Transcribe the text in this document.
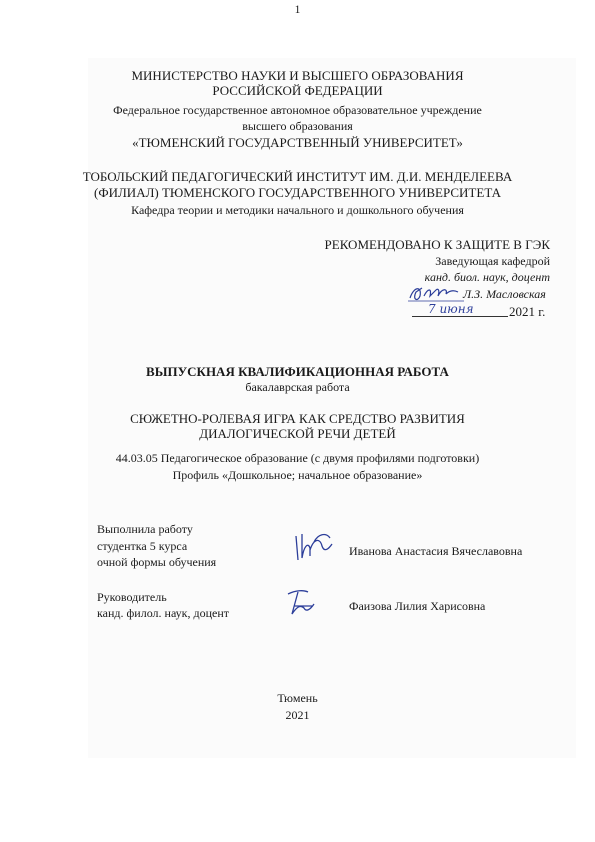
1
МИНИСТЕРСТВО НАУКИ И ВЫСШЕГО ОБРАЗОВАНИЯ
РОССИЙСКОЙ ФЕДЕРАЦИИ
Федеральное государственное автономное образовательное учреждение
высшего образования
«ТЮМЕНСКИЙ ГОСУДАРСТВЕННЫЙ УНИВЕРСИТЕТ»
ТОБОЛЬСКИЙ ПЕДАГОГИЧЕСКИЙ ИНСТИТУТ ИМ. Д.И. МЕНДЕЛЕЕВА
(ФИЛИАЛ) ТЮМЕНСКОГО ГОСУДАРСТВЕННОГО УНИВЕРСИТЕТА
Кафедра теории и методики начального и дошкольного обучения
РЕКОМЕНДОВАНО К ЗАЩИТЕ В ГЭК
Заведующая кафедрой
канд. биол. наук, доцент
Л.З. Масловская
7 июня	2021 г.
ВЫПУСКНАЯ КВАЛИФИКАЦИОННАЯ РАБОТА
бакалаврская работа
СЮЖЕТНО-РОЛЕВАЯ ИГРА КАК СРЕДСТВО РАЗВИТИЯ
ДИАЛОГИЧЕСКОЙ РЕЧИ ДЕТЕЙ
44.03.05 Педагогическое образование (с двумя профилями подготовки)
Профиль «Дошкольное; начальное образование»
Выполнила работу
студентка 5 курса
очной формы обучения
Иванова Анастасия Вячеславовна
Руководитель
канд. филол. наук, доцент	Фаизова Лилия Харисовна
Тюмень
2021
